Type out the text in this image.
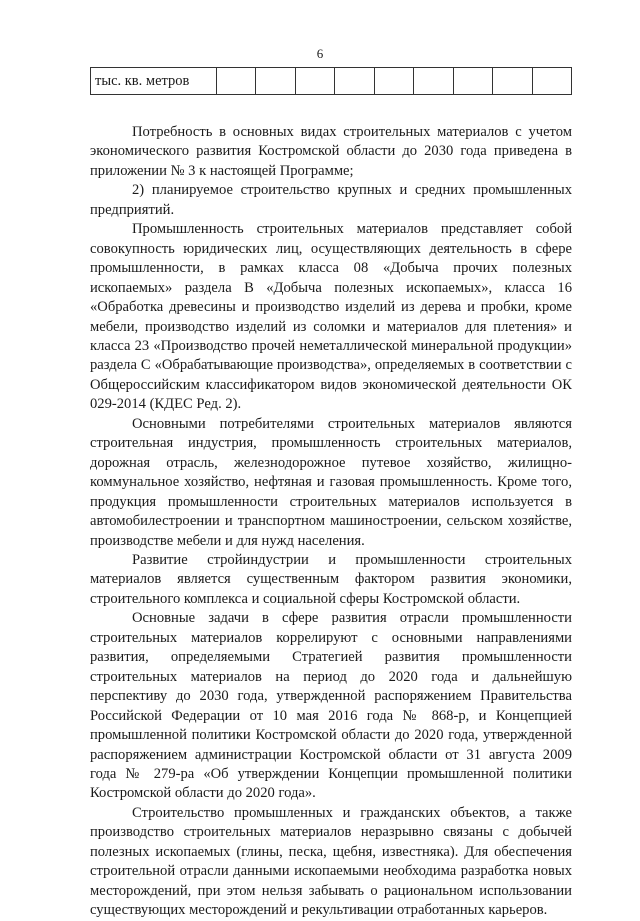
6
тыс. кв. метров									

Потребность в основных видах строительных материалов с учетом экономического развития Костромской области до 2030 года приведена в приложении № 3 к настоящей Программе;

2) планируемое строительство крупных и средних промышленных предприятий.

Промышленность строительных материалов представляет собой совокупность юридических лиц, осуществляющих деятельность в сфере промышленности, в рамках класса 08 «Добыча прочих полезных ископаемых» раздела В «Добыча полезных ископаемых», класса 16 «Обработка древесины и производство изделий из дерева и пробки, кроме мебели, производство изделий из соломки и материалов для плетения» и класса 23 «Производство прочей неметаллической минеральной продукции» раздела С «Обрабатывающие производства», определяемых в соответствии с Общероссийским классификатором видов экономической деятельности ОК 029-2014 (КДЕС Ред. 2).

Основными потребителями строительных материалов являются строительная индустрия, промышленность строительных материалов, дорожная отрасль, железнодорожное путевое хозяйство, жилищно-коммунальное хозяйство, нефтяная и газовая промышленность. Кроме того, продукция промышленности строительных материалов используется в автомобилестроении и транспортном машиностроении, сельском хозяйстве, производстве мебели и для нужд населения.

Развитие стройиндустрии и промышленности строительных материалов является существенным фактором развития экономики, строительного комплекса и социальной сферы Костромской области.

Основные задачи в сфере развития отрасли промышленности строительных материалов коррелируют с основными направлениями развития, определяемыми Стратегией развития промышленности строительных материалов на период до 2020 года и дальнейшую перспективу до 2030 года, утвержденной распоряжением Правительства Российской Федерации от 10 мая 2016 года № 868-р, и Концепцией промышленной политики Костромской области до 2020 года, утвержденной распоряжением администрации Костромской области от 31 августа 2009 года № 279-ра «Об утверждении Концепции промышленной политики Костромской области до 2020 года».

Строительство промышленных и гражданских объектов, а также производство строительных материалов неразрывно связаны с добычей полезных ископаемых (глины, песка, щебня, известняка). Для обеспечения строительной отрасли данными ископаемыми необходима разработка новых месторождений, при этом нельзя забывать о рациональном использовании существующих месторождений и рекультивации отработанных карьеров.
